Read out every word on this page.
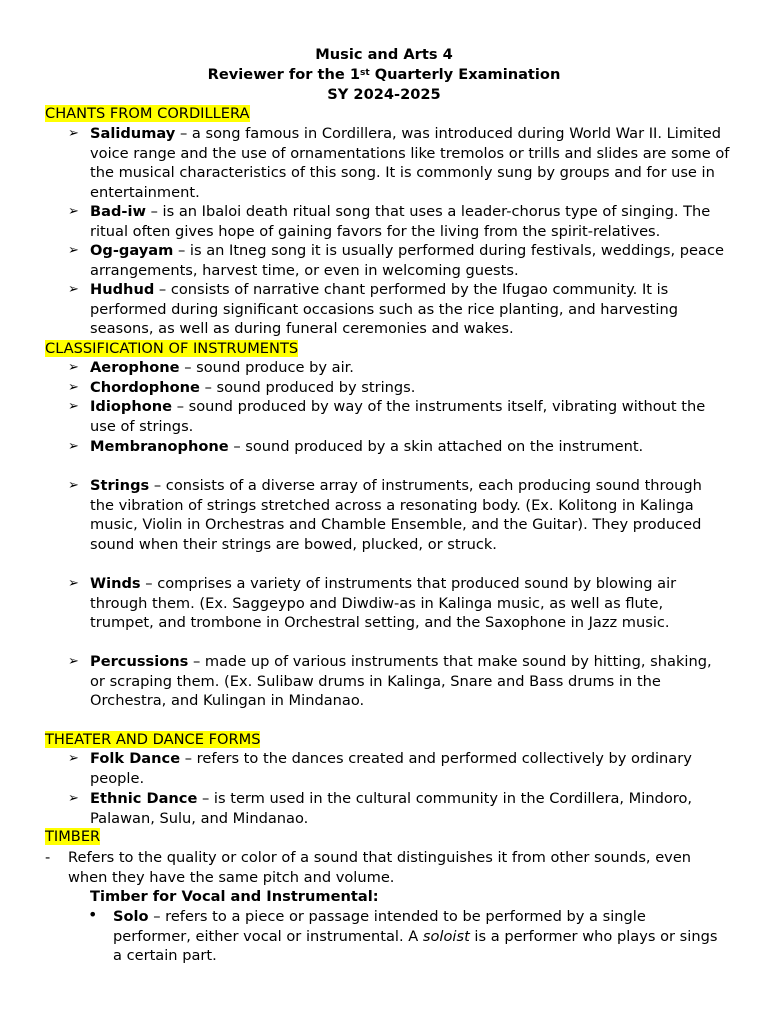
Music and Arts 4
Reviewer for the 1st Quarterly Examination
SY 2024-2025
CHANTS FROM CORDILLERA
➢ Salidumay – a song famous in Cordillera, was introduced during World War II. Limited voice range and the use of ornamentations like tremolos or trills and slides are some of the musical characteristics of this song. It is commonly sung by groups and for use in entertainment.
➢ Bad-iw – is an Ibaloi death ritual song that uses a leader-chorus type of singing. The ritual often gives hope of gaining favors for the living from the spirit-relatives.
➢ Og-gayam – is an Itneg song it is usually performed during festivals, weddings, peace arrangements, harvest time, or even in welcoming guests.
➢ Hudhud – consists of narrative chant performed by the Ifugao community. It is performed during significant occasions such as the rice planting, and harvesting seasons, as well as during funeral ceremonies and wakes.
CLASSIFICATION OF INSTRUMENTS
➢ Aerophone – sound produce by air.
➢ Chordophone – sound produced by strings.
➢ Idiophone – sound produced by way of the instruments itself, vibrating without the use of strings.
➢ Membranophone – sound produced by a skin attached on the instrument.
➢ Strings – consists of a diverse array of instruments, each producing sound through the vibration of strings stretched across a resonating body. (Ex. Kolitong in Kalinga music, Violin in Orchestras and Chamble Ensemble, and the Guitar). They produced sound when their strings are bowed, plucked, or struck.
➢ Winds – comprises a variety of instruments that produced sound by blowing air through them. (Ex. Saggeypo and Diwdiw-as in Kalinga music, as well as flute, trumpet, and trombone in Orchestral setting, and the Saxophone in Jazz music.
➢ Percussions – made up of various instruments that make sound by hitting, shaking, or scraping them. (Ex. Sulibaw drums in Kalinga, Snare and Bass drums in the Orchestra, and Kulingan in Mindanao.
THEATER AND DANCE FORMS
➢ Folk Dance – refers to the dances created and performed collectively by ordinary people.
➢ Ethnic Dance – is term used in the cultural community in the Cordillera, Mindoro, Palawan, Sulu, and Mindanao.
TIMBER
- Refers to the quality or color of a sound that distinguishes it from other sounds, even when they have the same pitch and volume.
Timber for Vocal and Instrumental:
• Solo – refers to a piece or passage intended to be performed by a single performer, either vocal or instrumental. A soloist is a performer who plays or sings a certain part.
